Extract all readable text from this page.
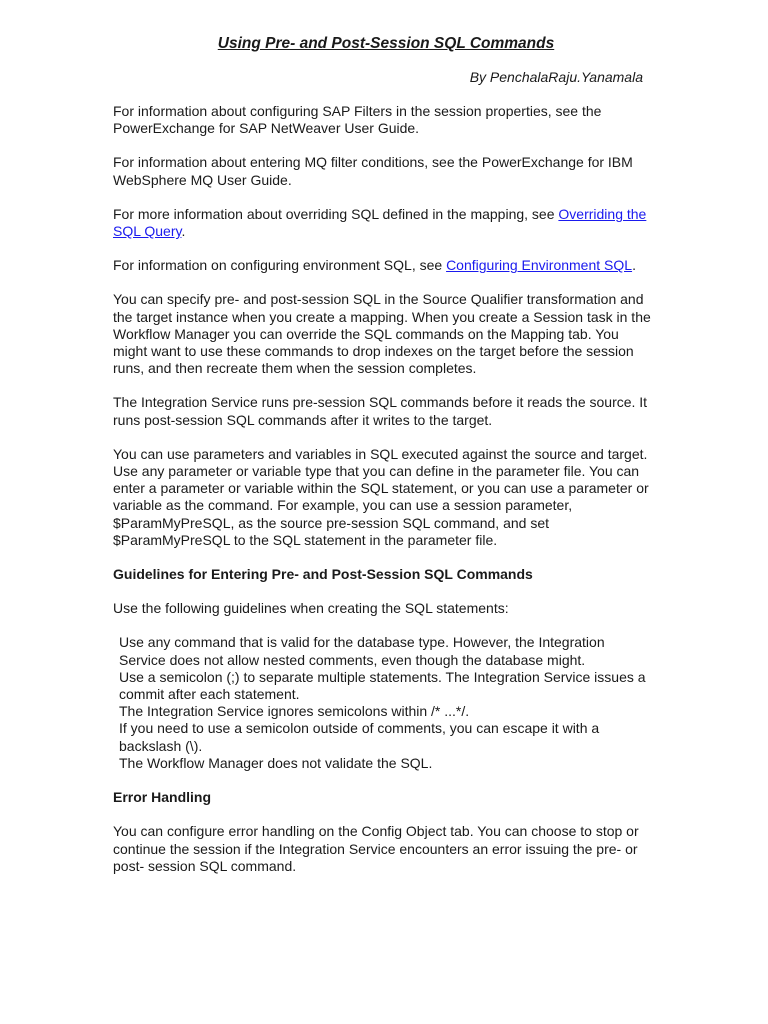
Using Pre- and Post-Session SQL Commands
By PenchalaRaju.Yanamala

For information about configuring SAP Filters in the session properties, see the PowerExchange for SAP NetWeaver User Guide.

For information about entering MQ filter conditions, see the PowerExchange for IBM WebSphere MQ User Guide.

For more information about overriding SQL defined in the mapping, see Overriding the SQL Query.

For information on configuring environment SQL, see Configuring Environment SQL.

You can specify pre- and post-session SQL in the Source Qualifier transformation and the target instance when you create a mapping. When you create a Session task in the Workflow Manager you can override the SQL commands on the Mapping tab. You might want to use these commands to drop indexes on the target before the session runs, and then recreate them when the session completes.

The Integration Service runs pre-session SQL commands before it reads the source. It runs post-session SQL commands after it writes to the target.

You can use parameters and variables in SQL executed against the source and target. Use any parameter or variable type that you can define in the parameter file. You can enter a parameter or variable within the SQL statement, or you can use a parameter or variable as the command. For example, you can use a session parameter, $ParamMyPreSQL, as the source pre-session SQL command, and set $ParamMyPreSQL to the SQL statement in the parameter file.

Guidelines for Entering Pre- and Post-Session SQL Commands

Use the following guidelines when creating the SQL statements:

Use any command that is valid for the database type. However, the Integration Service does not allow nested comments, even though the database might.
Use a semicolon (;) to separate multiple statements. The Integration Service issues a commit after each statement.
The Integration Service ignores semicolons within /* ...*/.
If you need to use a semicolon outside of comments, you can escape it with a backslash (\).
The Workflow Manager does not validate the SQL.
Error Handling

You can configure error handling on the Config Object tab. You can choose to stop or continue the session if the Integration Service encounters an error issuing the pre- or post- session SQL command.
